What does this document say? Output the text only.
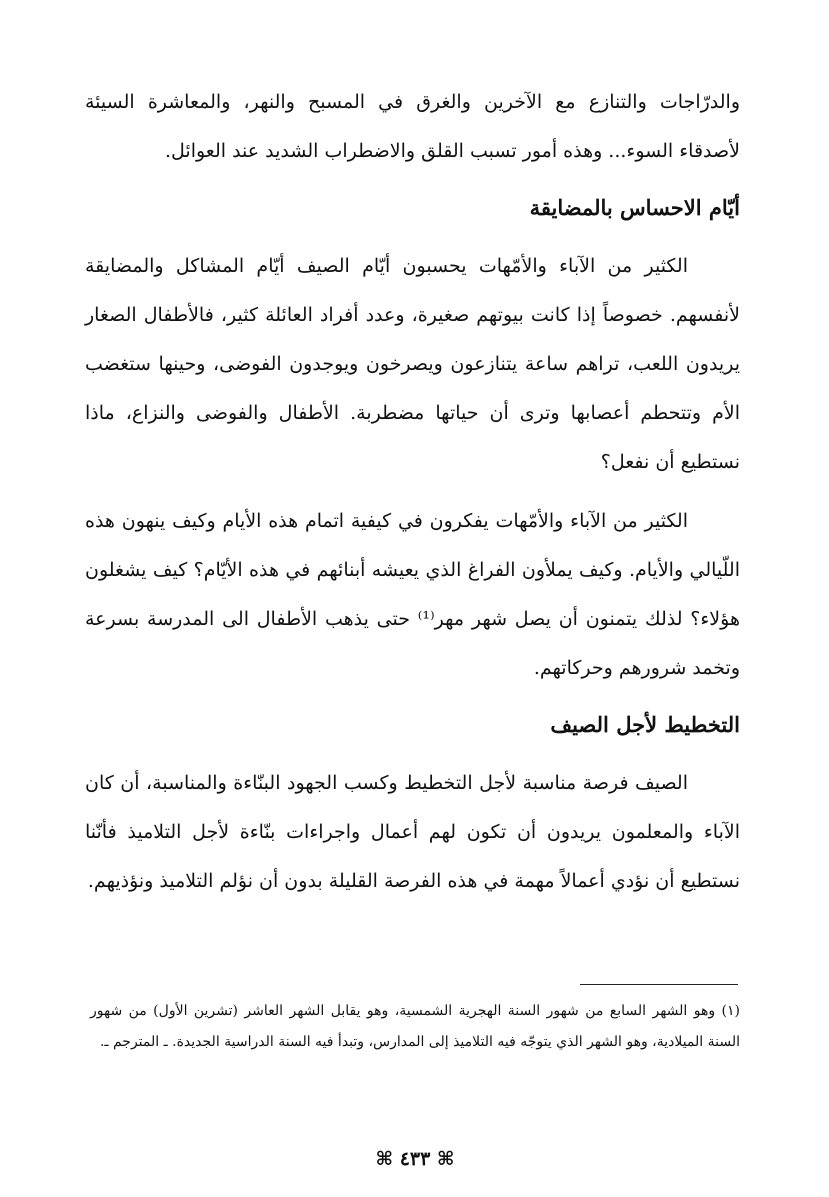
والدرّاجات والتنازع مع الآخرين والغرق في المسبح والنهر، والمعاشرة السيئة لأصدقاء السوء... وهذه أمور تسبب القلق والاضطراب الشديد عند العوائل.

أيّام الاحساس بالمضايقة

الكثير من الآباء والأمّهات يحسبون أيّام الصيف أيّام المشاكل والمضايقة لأنفسهم. خصوصاً إذا كانت بيوتهم صغيرة، وعدد أفراد العائلة كثير، فالأطفال الصغار يريدون اللعب، تراهم ساعة يتنازعون ويصرخون ويوجدون الفوضى، وحينها ستغضب الأم وتتحطم أعصابها وترى أن حياتها مضطربة. الأطفال والفوضى والنزاع، ماذا نستطيع أن نفعل؟

الكثير من الآباء والأمّهات يفكرون في كيفية اتمام هذه الأيام وكيف ينهون هذه اللّيالي والأيام. وكيف يملأون الفراغ الذي يعيشه أبنائهم في هذه الأيّام؟ كيف يشغلون هؤلاء؟ لذلك يتمنون أن يصل شهر مهر⁽¹⁾ حتى يذهب الأطفال الى المدرسة بسرعة وتخمد شرورهم وحركاتهم.

التخطيط لأجل الصيف

الصيف فرصة مناسبة لأجل التخطيط وكسب الجهود البنّاءة والمناسبة، أن كان الآباء والمعلمون يريدون أن تكون لهم أعمال واجراءات بنّاءة لأجل التلاميذ فأنّنا نستطيع أن نؤدي أعمالاً مهمة في هذه الفرصة القليلة بدون أن نؤلم التلاميذ ونؤذيهم.

(١) وهو الشهر السابع من شهور السنة الهجرية الشمسية، وهو يقابل الشهر العاشر (تشرين الأول) من شهور السنة الميلادية، وهو الشهر الذي يتوجّه فيه التلاميذ إلى المدارس، وتبدأ فيه السنة الدراسية الجديدة. ـ المترجم ـ.
⌘ ٤٣٣ ⌘
